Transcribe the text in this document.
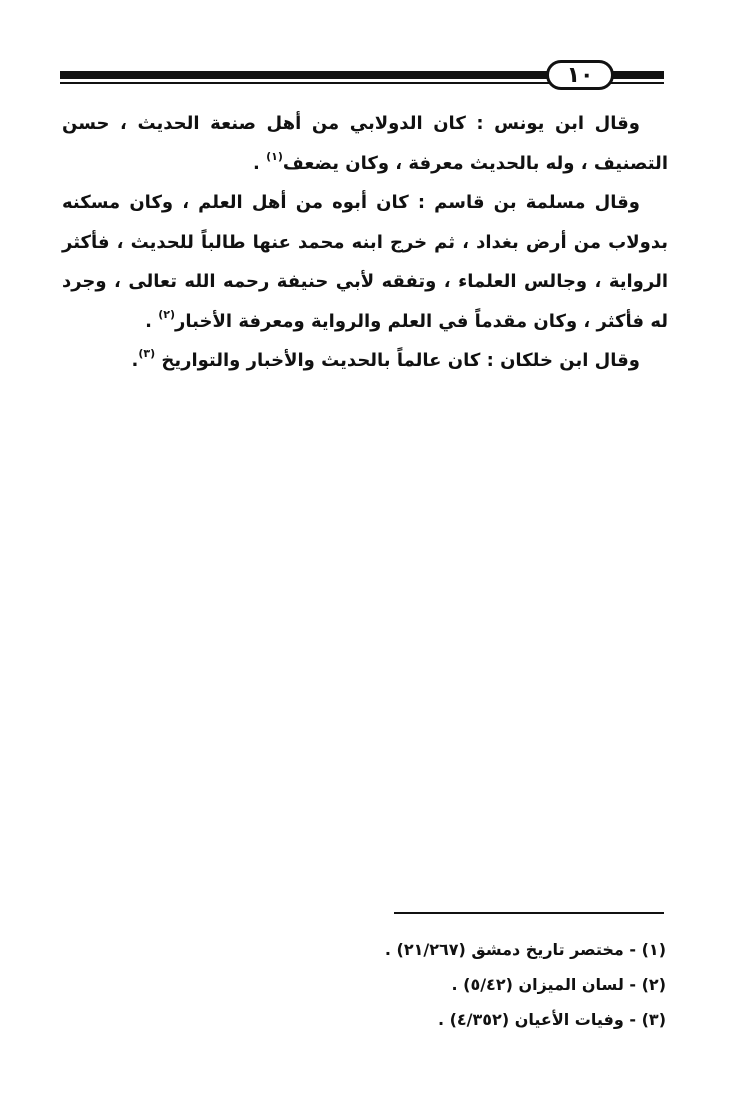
١٠

وقال ابن يونس : كان الدولابي من أهل صنعة الحديث ، حسن التصنيف ، وله بالحديث معرفة ، وكان يضعف$^{(١)}$ .

وقال مسلمة بن قاسم : كان أبوه من أهل العلم ، وكان مسكنه بدولاب من أرض بغداد ، ثم خرج ابنه محمد عنها طالباً للحديث ، فأكثر الرواية ، وجالس العلماء ، وتفقه لأبي حنيفة رحمه الله تعالى ، وجرد له فأكثر ، وكان مقدماً في العلم والرواية ومعرفة الأخبار$^{(٢)}$ .

وقال ابن خلكان : كان عالماً بالحديث والأخبار والتواريخ $^{(٣)}$.

(١) - مختصر تاريخ دمشق (٢١/٢٦٧) .
(٢) - لسان الميزان (٥/٤٢) .
(٣) - وفيات الأعيان (٤/٣٥٢) .
